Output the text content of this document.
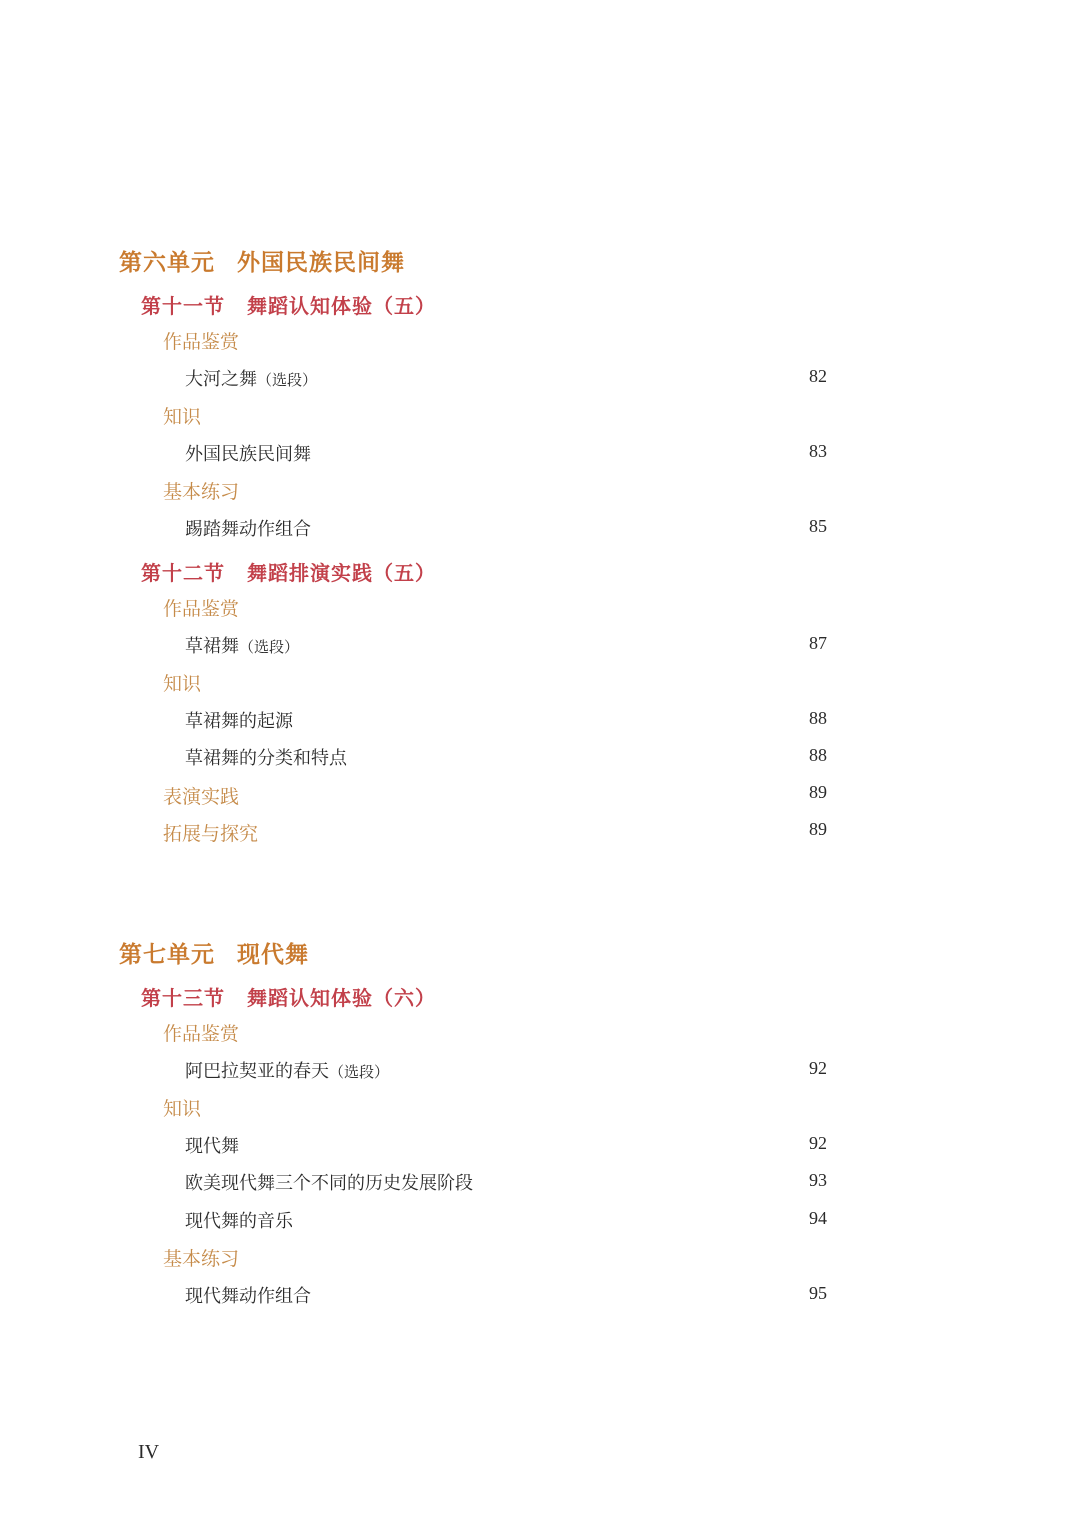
第六单元 外国民族民间舞
第十一节 舞蹈认知体验（五）
作品鉴赏
大河之舞（选段）	82
知识
外国民族民间舞	83
基本练习
踢踏舞动作组合	85
第十二节 舞蹈排演实践（五）
作品鉴赏
草裙舞（选段）	87
知识
草裙舞的起源	88
草裙舞的分类和特点	88
表演实践	89
拓展与探究	89
第七单元 现代舞
第十三节 舞蹈认知体验（六）
作品鉴赏
阿巴拉契亚的春天（选段）	92
知识
现代舞	92
欧美现代舞三个不同的历史发展阶段	93
现代舞的音乐	94
基本练习
现代舞动作组合	95
IV
